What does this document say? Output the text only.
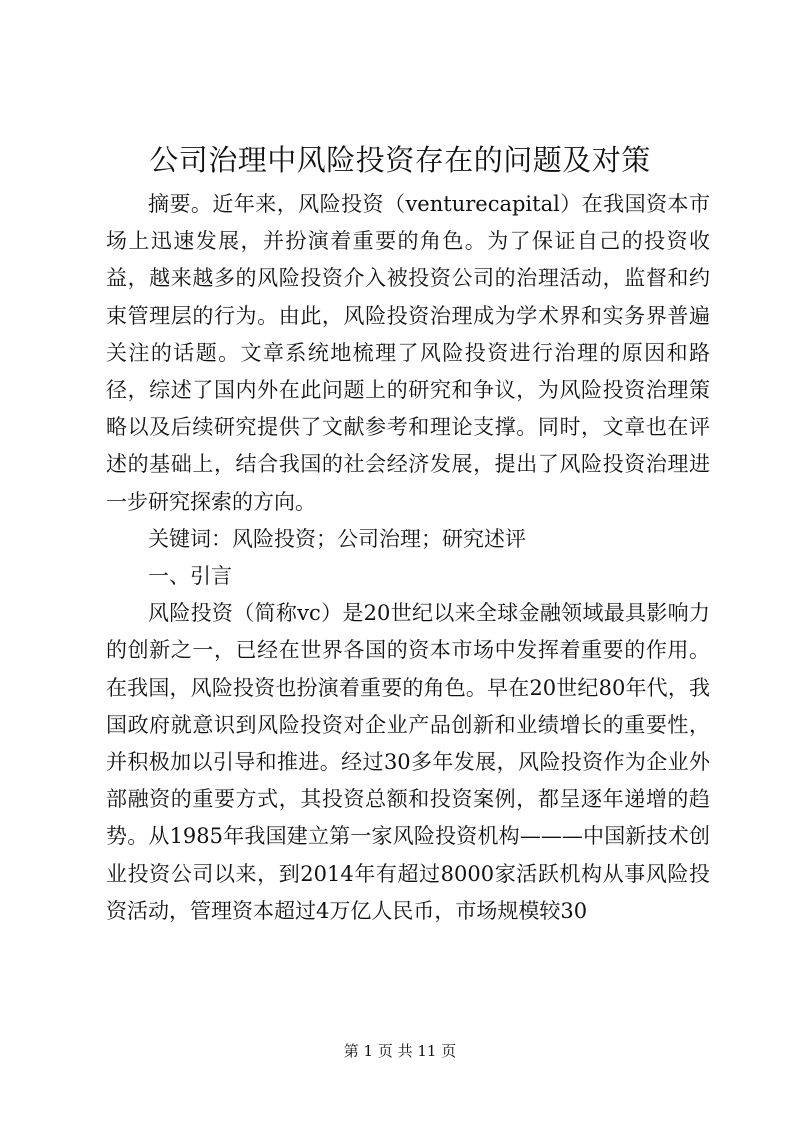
公司治理中风险投资存在的问题及对策

摘要。近年来，风险投资（venturecapital）在我国资本市场上迅速发展，并扮演着重要的角色。为了保证自己的投资收益，越来越多的风险投资介入被投资公司的治理活动，监督和约束管理层的行为。由此，风险投资治理成为学术界和实务界普遍关注的话题。文章系统地梳理了风险投资进行治理的原因和路径，综述了国内外在此问题上的研究和争议，为风险投资治理策略以及后续研究提供了文献参考和理论支撑。同时，文章也在评述的基础上，结合我国的社会经济发展，提出了风险投资治理进一步研究探索的方向。

关键词：风险投资；公司治理；研究述评

一、引言

风险投资（简称vc）是20世纪以来全球金融领域最具影响力的创新之一，已经在世界各国的资本市场中发挥着重要的作用。在我国，风险投资也扮演着重要的角色。早在20世纪80年代，我国政府就意识到风险投资对企业产品创新和业绩增长的重要性，并积极加以引导和推进。经过30多年发展，风险投资作为企业外部融资的重要方式，其投资总额和投资案例，都呈逐年递增的趋势。从1985年我国建立第一家风险投资机构———中国新技术创业投资公司以来，到2014年有超过8000家活跃机构从事风险投资活动，管理资本超过4万亿人民币，市场规模较30

第 1 页 共 11 页
